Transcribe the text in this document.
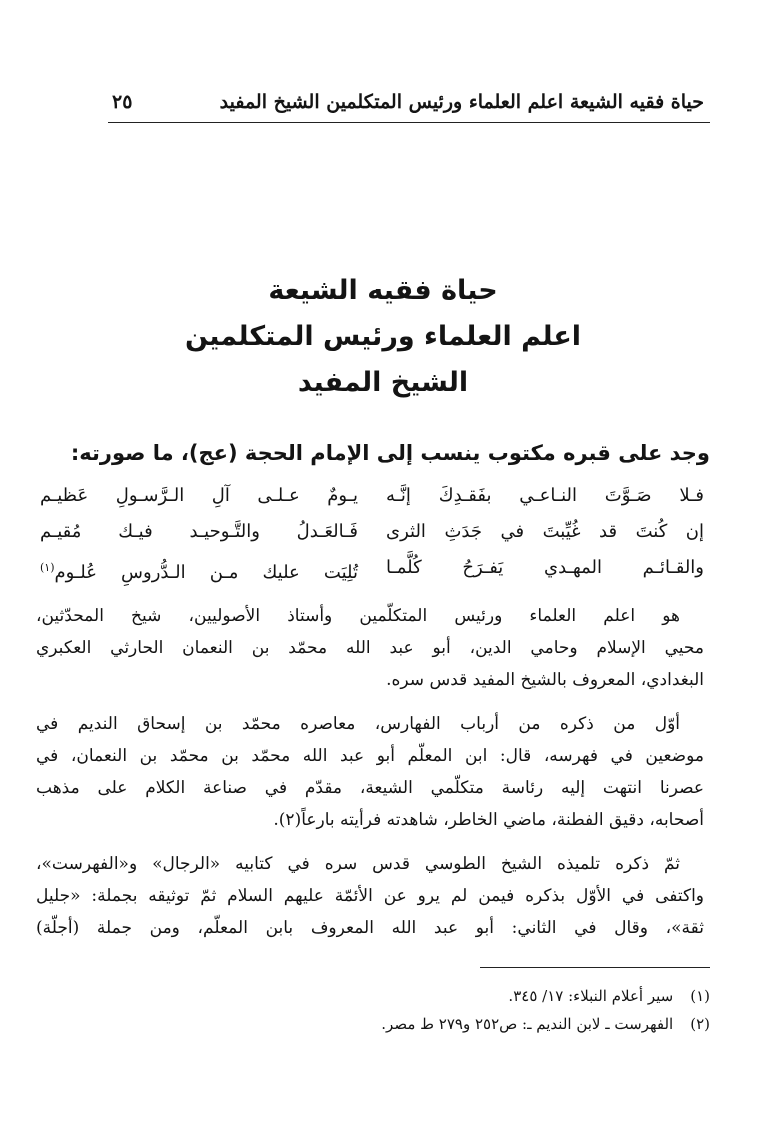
حياة فقيه الشيعة اعلم العلماء ورئيس المتكلمين الشيخ المفيد
٢٥
حياة فقيه الشيعة
اعلم العلماء ورئيس المتكلمين
الشيخ المفيد
وجد على قبره مكتوب ينسب إلى الإمام الحجة (عج)، ما صورته:
فـلا صَـوَّتَ النـاعـي بفَقـدِكَ إنَّـه
يـومٌ عـلـى آلِ الـرَّسـولِ عَظيـم
إن كُنتَ قد غُيِّبتَ في جَدَثِ الثرى
فَـالعَـدلُ والتَّـوحيـد فيـك مُقيـم
والقـائـم المهـدي يَفـرَحُ كُلَّمـا
تُلِيَت عليك مـن الـدُّروسِ عُلـوم$^{(١)}$
هو اعلم العلماء ورئيس المتكلّمين وأستاذ الأصوليين، شيخ المحدّثين،
محيي الإسلام وحامي الدين، أبو عبد الله محمّد بن النعمان الحارثي العكبري
البغدادي، المعروف بالشيخ المفيد قدس سره.
أوّل من ذكره من أرباب الفهارس، معاصره محمّد بن إسحاق النديم في
موضعين في فهرسه، قال: ابن المعلّم أبو عبد الله محمّد بن محمّد بن النعمان، في
عصرنا انتهت إليه رئاسة متكلّمي الشيعة، مقدّم في صناعة الكلام على مذهب
أصحابه، دقيق الفطنة، ماضي الخاطر، شاهدته فرأيته بارعاً(٢).
ثمّ ذكره تلميذه الشيخ الطوسي قدس سره في كتابيه «الرجال» و«الفهرست»،
واكتفى في الأوّل بذكره فيمن لم يرو عن الأئمّة عليهم السلام ثمّ توثيقه بجملة: «جليل
ثقة»، وقال في الثاني: أبو عبد الله المعروف بابن المعلّم، ومن جملة (أجلّة)
(١) سير أعلام النبلاء: ١٧/ ٣٤٥.
(٢) الفهرست ـ لابن النديم ـ: ص٢٥٢ و٢٧٩ ط مصر.
